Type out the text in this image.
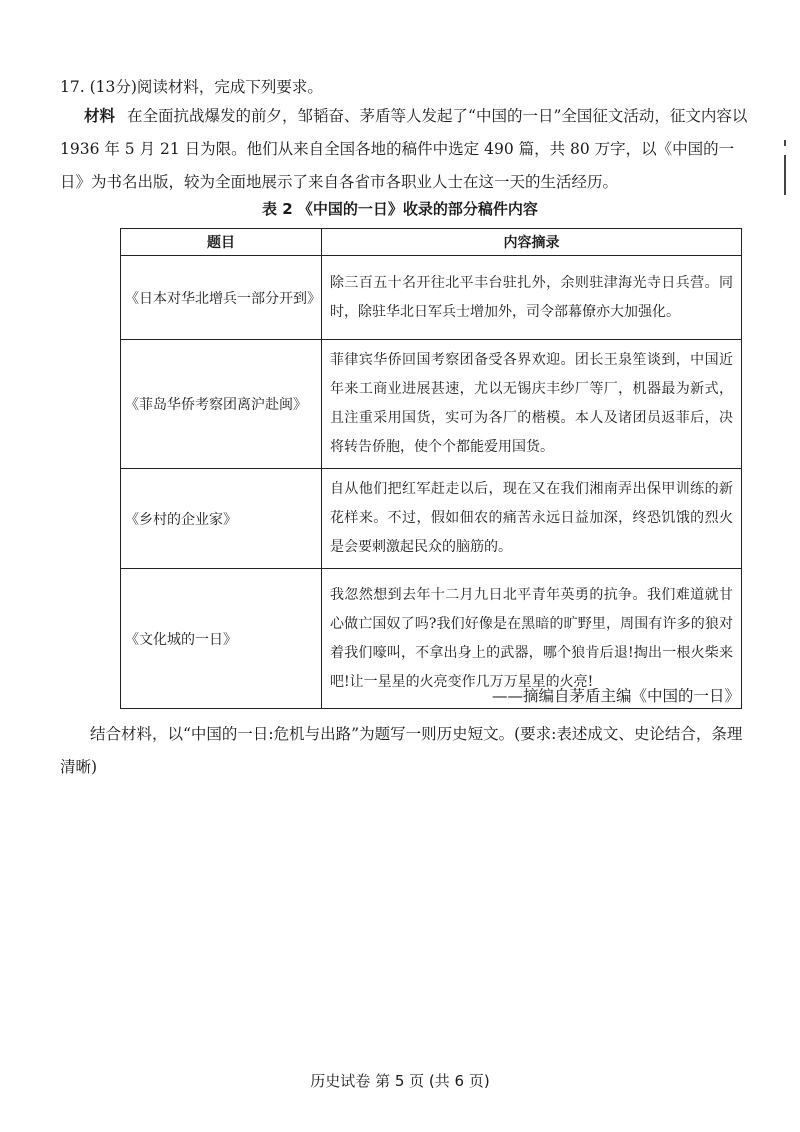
17. (13分)阅读材料，完成下列要求。

材料 在全面抗战爆发的前夕，邹韬奋、茅盾等人发起了“中国的一日”全国征文活动，征文内容以 1936 年 5 月 21 日为限。他们从来自全国各地的稿件中选定 490 篇，共 80 万字，以《中国的一日》为书名出版，较为全面地展示了来自各省市各职业人士在这一天的生活经历。

表 2 《中国的一日》收录的部分稿件内容
题目	内容摘录
《日本对华北增兵一部分开到》	除三百五十名开往北平丰台驻扎外，余则驻津海光寺日兵营。同时，除驻华北日军兵士增加外，司令部幕僚亦大加强化。
《菲岛华侨考察团离沪赴闽》	菲律宾华侨回国考察团备受各界欢迎。团长王泉笙谈到，中国近年来工商业进展甚速，尤以无锡庆丰纱厂等厂，机器最为新式，且注重采用国货，实可为各厂的楷模。本人及诸团员返菲后，决将转告侨胞，使个个都能爱用国货。
《乡村的企业家》	自从他们把红军赶走以后，现在又在我们湘南弄出保甲训练的新花样来。不过，假如佃农的痛苦永远日益加深，终恐饥饿的烈火是会要刺激起民众的脑筋的。
《文化城的一日》	我忽然想到去年十二月九日北平青年英勇的抗争。我们难道就甘心做亡国奴了吗?我们好像是在黑暗的旷野里，周围有许多的狼对着我们嚎叫，不拿出身上的武器，哪个狼肯后退!掏出一根火柴来吧!让一星星的火亮变作几万万星星的火亮!

——摘编自茅盾主编《中国的一日》

结合材料，以“中国的一日:危机与出路”为题写一则历史短文。(要求:表述成文、史论结合，条理清晰)

历史试卷 第 5 页 (共 6 页)
